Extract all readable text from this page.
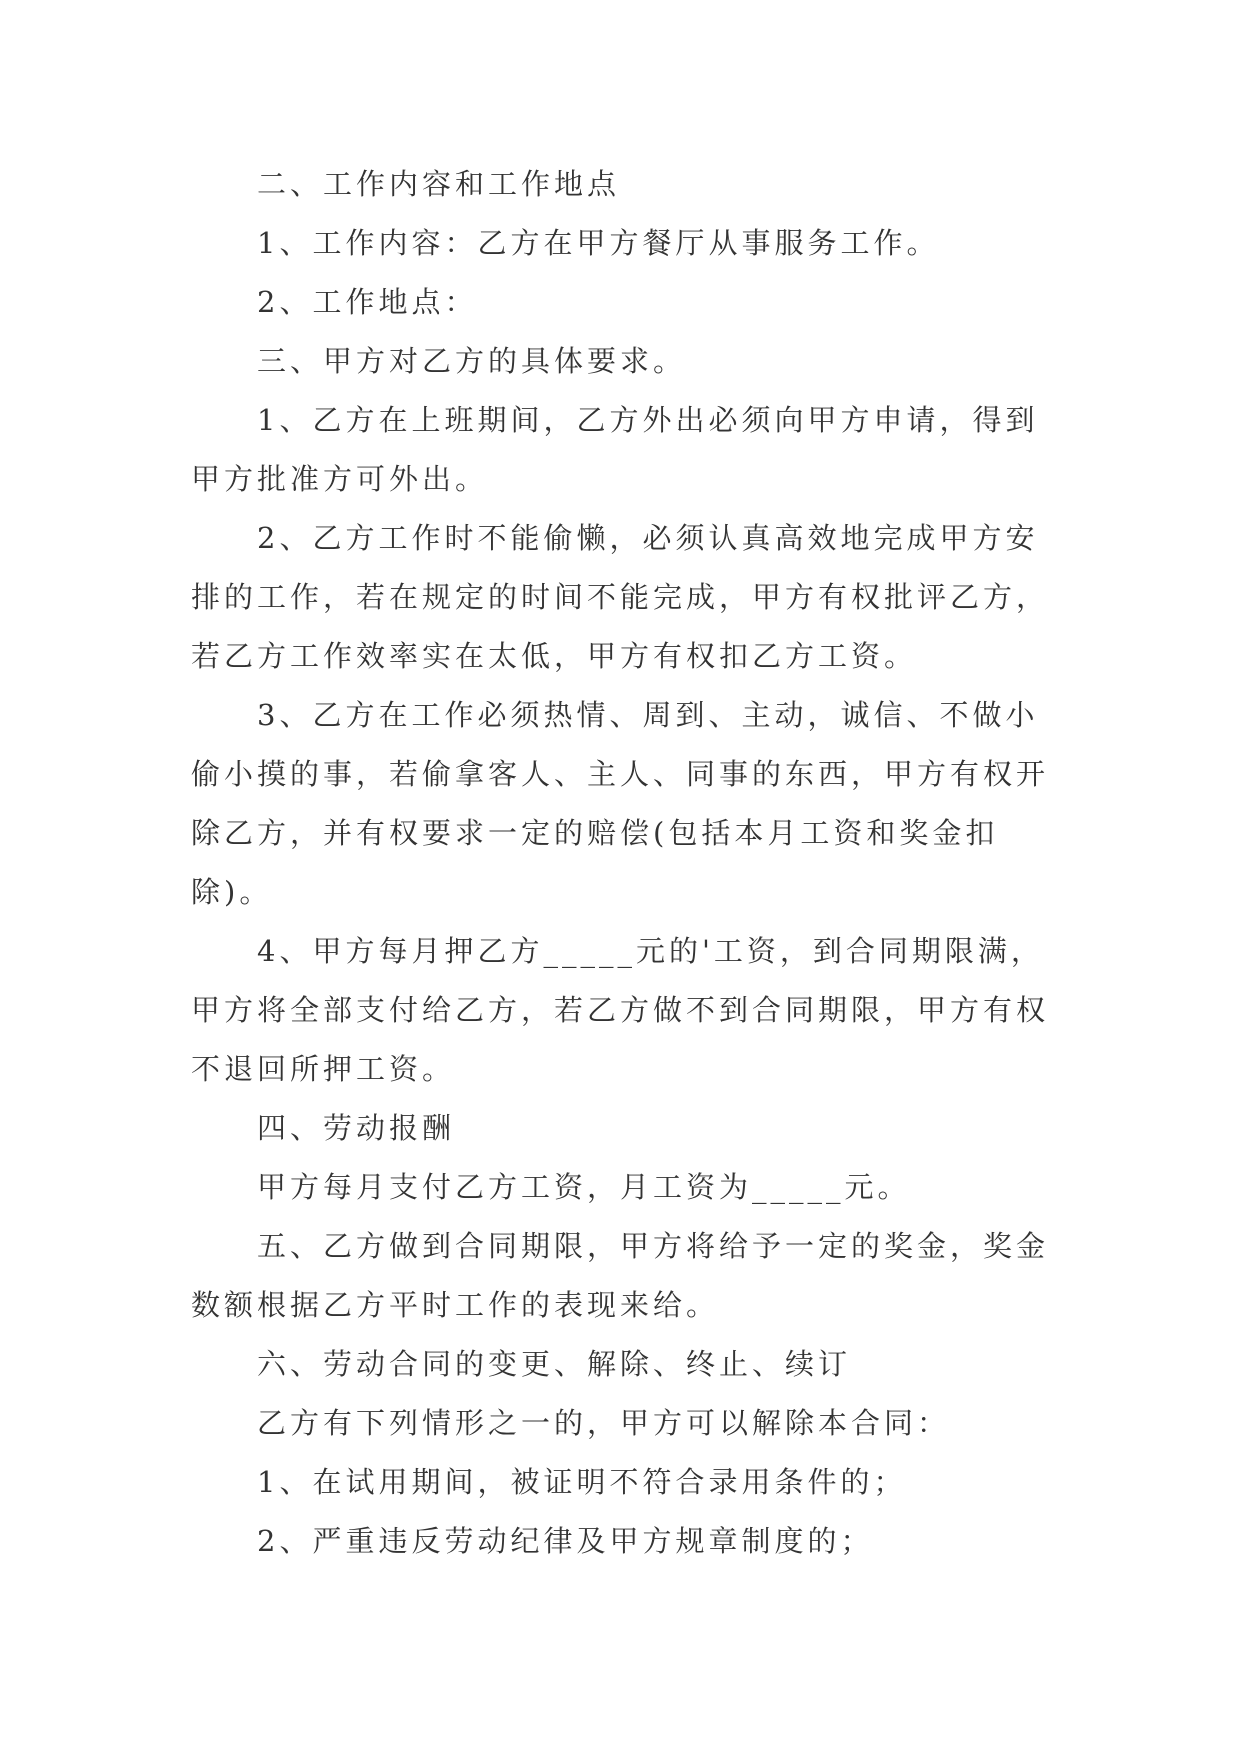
二、工作内容和工作地点

1、工作内容：乙方在甲方餐厅从事服务工作。

2、工作地点：

三、甲方对乙方的具体要求。

1、乙方在上班期间，乙方外出必须向甲方申请，得到
甲方批准方可外出。

2、乙方工作时不能偷懒，必须认真高效地完成甲方安
排的工作，若在规定的时间不能完成，甲方有权批评乙方，
若乙方工作效率实在太低，甲方有权扣乙方工资。

3、乙方在工作必须热情、周到、主动，诚信、不做小
偷小摸的事，若偷拿客人、主人、同事的东西，甲方有权开
除乙方，并有权要求一定的赔偿(包括本月工资和奖金扣
除)。

4、甲方每月押乙方_____元的'工资，到合同期限满，
甲方将全部支付给乙方，若乙方做不到合同期限，甲方有权
不退回所押工资。

四、劳动报酬

甲方每月支付乙方工资，月工资为_____元。

五、乙方做到合同期限，甲方将给予一定的奖金，奖金
数额根据乙方平时工作的表现来给。

六、劳动合同的变更、解除、终止、续订

乙方有下列情形之一的，甲方可以解除本合同：

1、在试用期间，被证明不符合录用条件的；

2、严重违反劳动纪律及甲方规章制度的；
